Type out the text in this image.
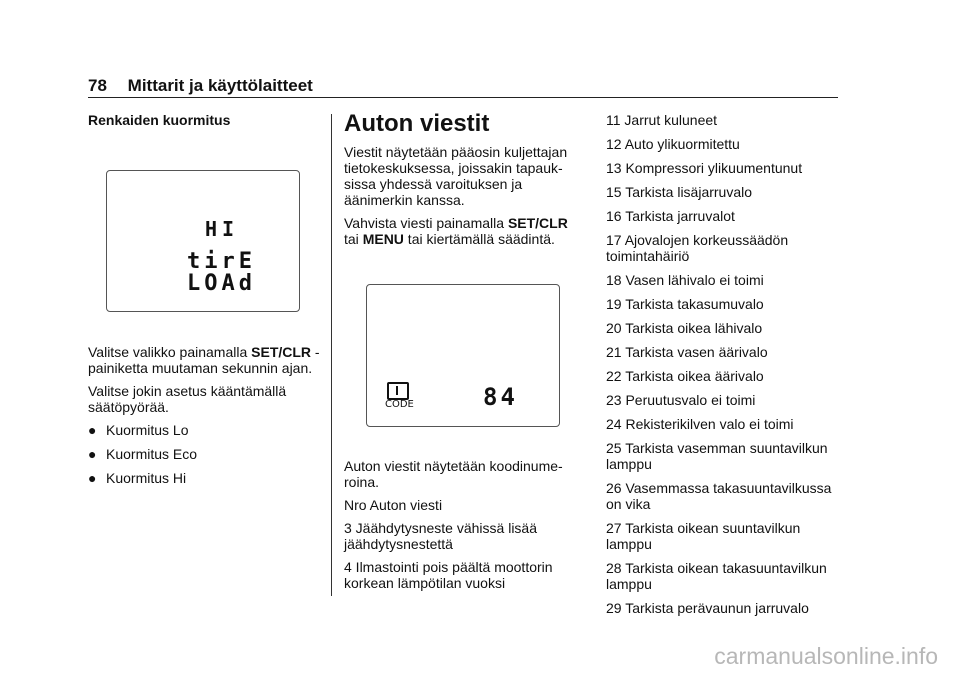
78 Mittarit ja käyttölaitteet
Renkaiden kuormitus
HI
tirE
LOAd

Valitse valikko painamalla SET/CLR -painiketta muutaman sekunnin ajan.

Valitse jokin asetus kääntämällä säätöpyörää.

● Kuormitus Lo
● Kuormitus Eco
● Kuormitus Hi
Auton viestit

Viestit näytetään pääosin kuljettajan tietokeskuksessa, joissakin tapauk-sissa yhdessä varoituksen ja äänimerkin kanssa.

Vahvista viesti painamalla SET/CLR tai MENU tai kiertämällä säädintä.

CODE	84

Auton viestit näytetään koodinume-roina.

Nro Auton viesti

3 Jäähdytysneste vähissä lisää jäähdytysnestettä

4 Ilmastointi pois päältä moottorin korkean lämpötilan vuoksi

11 Jarrut kuluneet
12 Auto ylikuormitettu
13 Kompressori ylikuumentunut
15 Tarkista lisäjarruvalo
16 Tarkista jarruvalot
17 Ajovalojen korkeussäädön toimintahäiriö
18 Vasen lähivalo ei toimi
19 Tarkista takasumuvalo
20 Tarkista oikea lähivalo
21 Tarkista vasen äärivalo
22 Tarkista oikea äärivalo
23 Peruutusvalo ei toimi
24 Rekisterikilven valo ei toimi
25 Tarkista vasemman suuntavilkun lamppu
26 Vasemmassa takasuuntavilkussa on vika
27 Tarkista oikean suuntavilkun lamppu
28 Tarkista oikean takasuuntavilkun lamppu
29 Tarkista perävaunun jarruvalo
carmanualsonline.info
